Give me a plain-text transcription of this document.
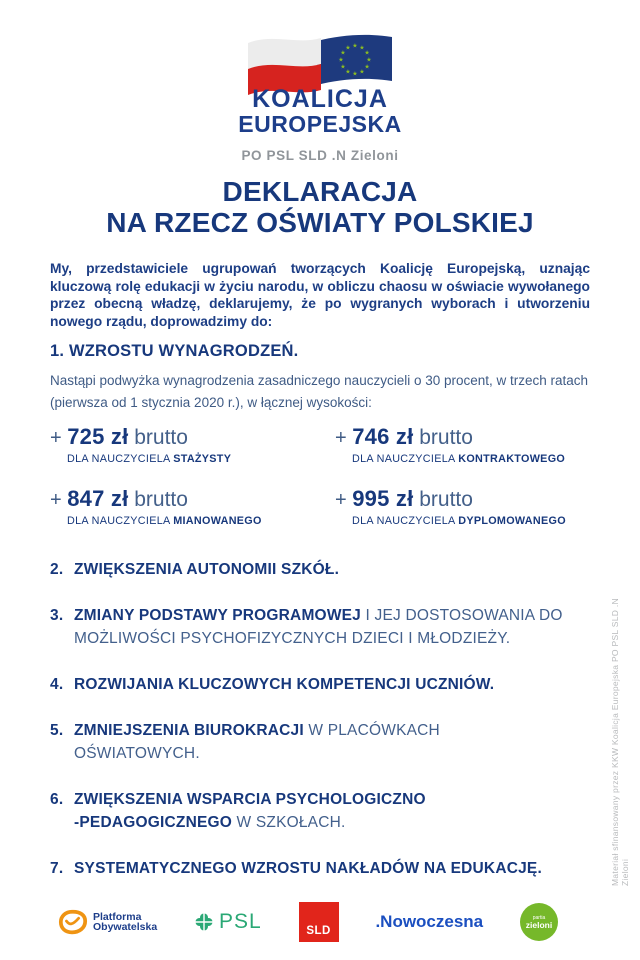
★ ★
★
★
★
★
★
★
★
★
★
★
KOALICJA
EUROPEJSKA
PO PSL SLD .N Zieloni
DEKLARACJA
NA RZECZ OŚWIATY POLSKIEJ

My, przedstawiciele ugrupowań tworzących Koalicję Europejską, uznając kluczową rolę edukacji w życiu narodu, w obliczu chaosu w oświacie wywołanego przez obecną władzę, deklarujemy, że po wygranych wyborach i utworzeniu nowego rządu, doprowadzimy do:

1. WZROSTU WYNAGRODZEŃ.

Nastąpi podwyżka wynagrodzenia zasadniczego nauczycieli o 30 procent, w trzech ratach (pierwsza od 1 stycznia 2020 r.), w łącznej wysokości:

+ 725 zł brutto
DLA NAUCZYCIELA STAŻYSTY
+ 746 zł brutto
DLA NAUCZYCIELA KONTRAKTOWEGO
+ 847 zł brutto
DLA NAUCZYCIELA MIANOWANEGO
+ 995 zł brutto
DLA NAUCZYCIELA DYPLOMOWANEGO
2. ZWIĘKSZENIA AUTONOMII SZKÓŁ.
3. ZMIANY PODSTAWY PROGRAMOWEJ I JEJ DOSTOSOWANIA DO
MOŻLIWOŚCI PSYCHOFIZYCZNYCH DZIECI I MŁODZIEŻY.
4. ROZWIJANIA KLUCZOWYCH KOMPETENCJI UCZNIÓW.
5. ZMNIEJSZENIA BIUROKRACJI W PLACÓWKACH
OŚWIATOWYCH.
6. ZWIĘKSZENIA WSPARCIA PSYCHOLOGICZNO
-PEDAGOGICZNEGO W SZKOŁACH.
7. SYSTEMATYCZNEGO WZROSTU NAKŁADÓW NA EDUKACJĘ.
Platforma
Obywatelska	PSL	SLD	.Nowoczesna	partia
zieloni
Materiał sfinansowany przez KKW Koalicja Europejska PO PSL SLD .N Zieloni
